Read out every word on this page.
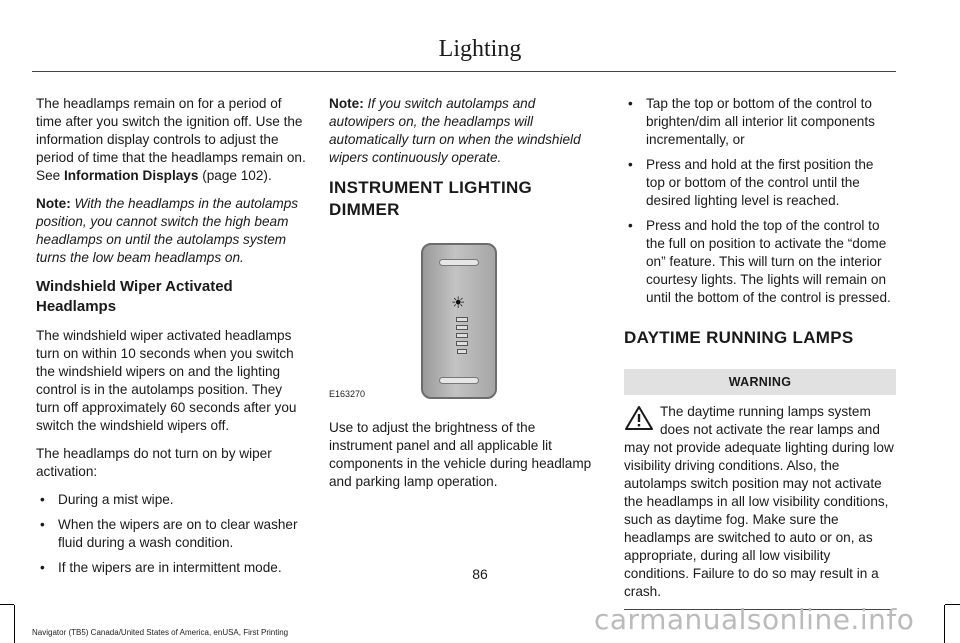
Lighting

The headlamps remain on for a period of time after you switch the ignition off. Use the information display controls to adjust the period of time that the headlamps remain on. See Information Displays (page 102).

Note: With the headlamps in the autolamps position, you cannot switch the high beam headlamps on until the autolamps system turns the low beam headlamps on.

Windshield Wiper Activated Headlamps

The windshield wiper activated headlamps turn on within 10 seconds when you switch the windshield wipers on and the lighting control is in the autolamps position. They turn off approximately 60 seconds after you switch the windshield wipers off.

The headlamps do not turn on by wiper activation:

• During a mist wipe.
• When the wipers are on to clear washer fluid during a wash condition.
• If the wipers are in intermittent mode.

Note: If you switch autolamps and autowipers on, the headlamps will automatically turn on when the windshield wipers continuously operate.

INSTRUMENT LIGHTING DIMMER
☀
E163270

Use to adjust the brightness of the instrument panel and all applicable lit components in the vehicle during headlamp and parking lamp operation.

• Tap the top or bottom of the control to brighten/dim all interior lit components incrementally, or
• Press and hold at the first position the top or bottom of the control until the desired lighting level is reached.
• Press and hold the top of the control to the full on position to activate the “dome on” feature. This will turn on the interior courtesy lights. The lights will remain on until the bottom of the control is pressed.
DAYTIME RUNNING LAMPS
WARNING
The daytime running lamps system does not activate the rear lamps and may not provide adequate lighting during low visibility driving conditions. Also, the autolamps switch position may not activate the headlamps in all low visibility conditions, such as daytime fog. Make sure the headlamps are switched to auto or on, as appropriate, during all low visibility conditions. Failure to do so may result in a crash.
86
Navigator (TB5) Canada/United States of America, enUSA, First Printing	carmanualsonline.info
